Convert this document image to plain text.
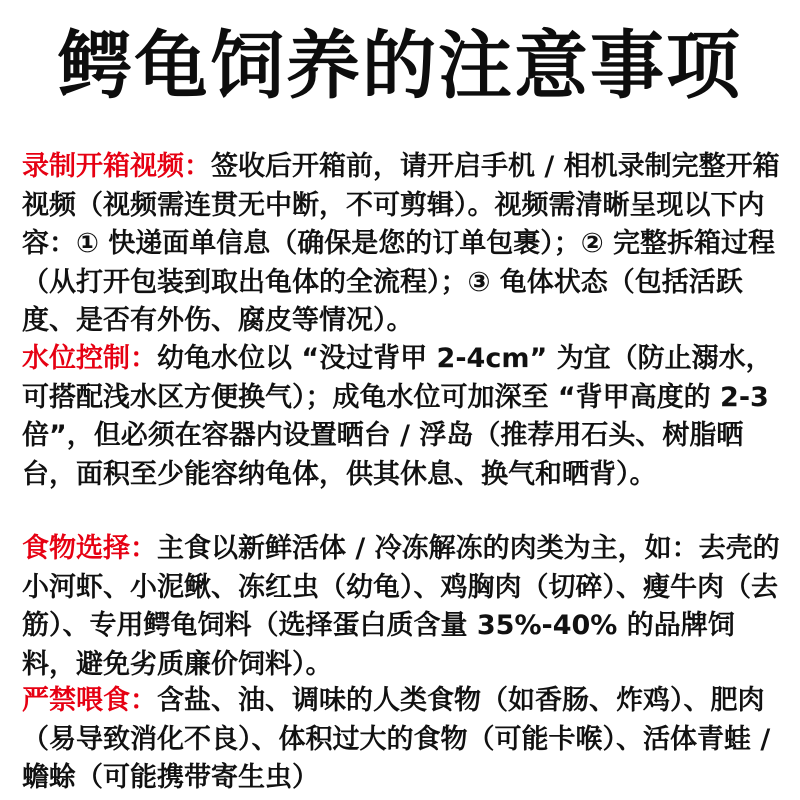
鳄龟饲养的注意事项
录制开箱视频：签收后开箱前，请开启手机 / 相机录制完整开箱视频（视频需连贯无中断，不可剪辑）。视频需清晰呈现以下内容：① 快递面单信息（确保是您的订单包裹）；② 完整拆箱过程（从打开包装到取出龟体的全流程）；③ 龟体状态（包括活跃度、是否有外伤、腐皮等情况）。
水位控制：幼龟水位以 “没过背甲 2-4cm” 为宜（防止溺水，可搭配浅水区方便换气）；成龟水位可加深至 “背甲高度的 2-3 倍”，但必须在容器内设置晒台 / 浮岛（推荐用石头、树脂晒台，面积至少能容纳龟体，供其休息、换气和晒背）。
食物选择：主食以新鲜活体 / 冷冻解冻的肉类为主，如：去壳的小河虾、小泥鳅、冻红虫（幼龟）、鸡胸肉（切碎）、瘦牛肉（去筋）、专用鳄龟饲料（选择蛋白质含量 35%-40% 的品牌饲料，避免劣质廉价饲料）。
严禁喂食：含盐、油、调味的人类食物（如香肠、炸鸡）、肥肉（易导致消化不良）、体积过大的食物（可能卡喉）、活体青蛙 / 蟾蜍（可能携带寄生虫）
